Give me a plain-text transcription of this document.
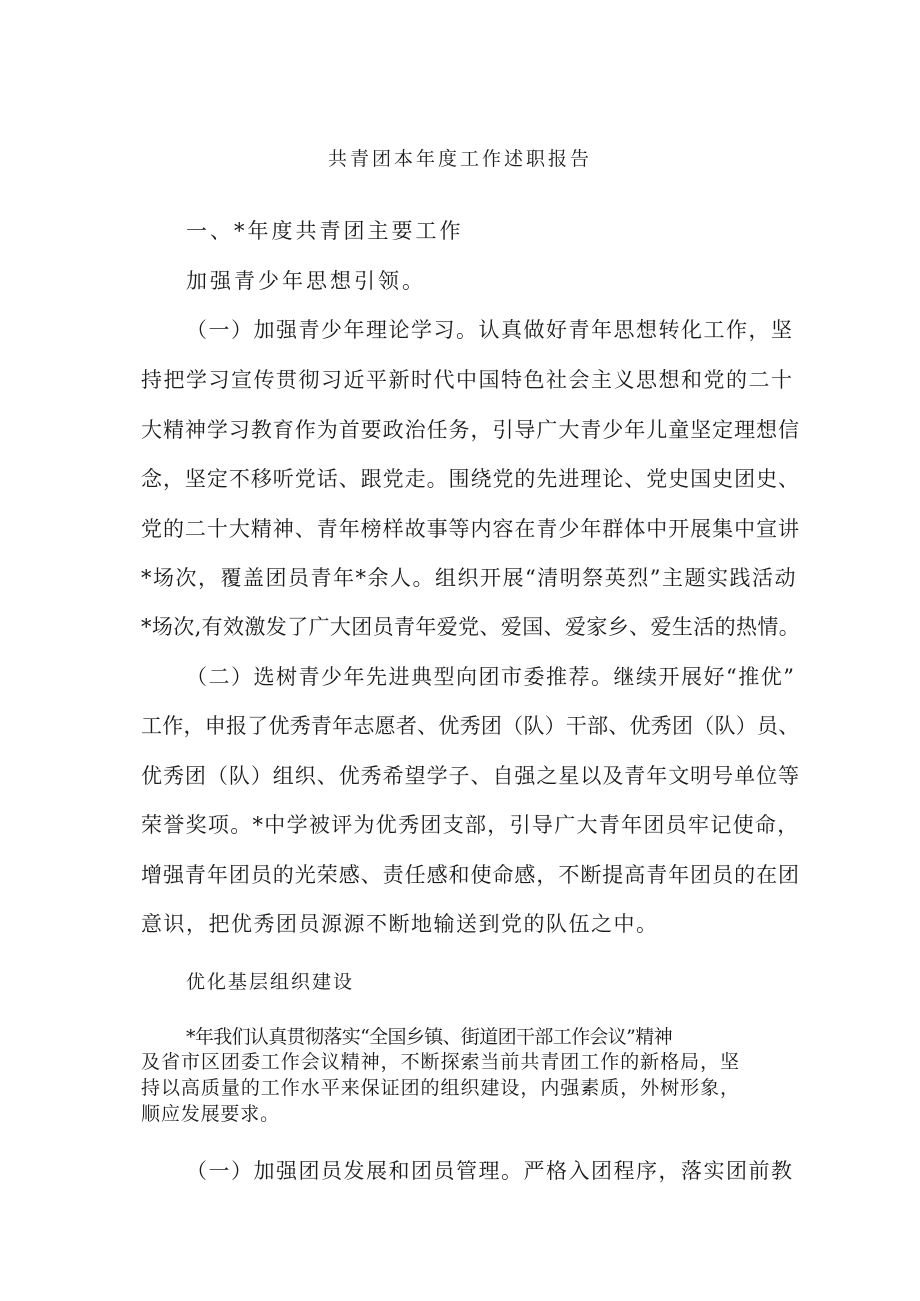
共青团本年度工作述职报告

一、*年度共青团主要工作

加强青少年思想引领。

（一）加强青少年理论学习。认真做好青年思想转化工作，坚

持把学习宣传贯彻习近平新时代中国特色社会主义思想和党的二十

大精神学习教育作为首要政治任务，引导广大青少年儿童坚定理想信

念，坚定不移听党话、跟党走。围绕党的先进理论、党史国史团史、

党的二十大精神、青年榜样故事等内容在青少年群体中开展集中宣讲

*场次，覆盖团员青年*余人。组织开展“清明祭英烈”主题实践活动

*场次,有效激发了广大团员青年爱党、爱国、爱家乡、爱生活的热情。

（二）选树青少年先进典型向团市委推荐。继续开展好“推优”

工作，申报了优秀青年志愿者、优秀团（队）干部、优秀团（队）员、

优秀团（队）组织、优秀希望学子、自强之星以及青年文明号单位等

荣誉奖项。*中学被评为优秀团支部，引导广大青年团员牢记使命，

增强青年团员的光荣感、责任感和使命感，不断提高青年团员的在团

意识，把优秀团员源源不断地输送到党的队伍之中。

优化基层组织建设

*年我们认真贯彻落实“全国乡镇、街道团干部工作会议”精神

及省市区团委工作会议精神，不断探索当前共青团工作的新格局，坚

持以高质量的工作水平来保证团的组织建设，内强素质，外树形象，

顺应发展要求。

（一）加强团员发展和团员管理。严格入团程序，落实团前教
